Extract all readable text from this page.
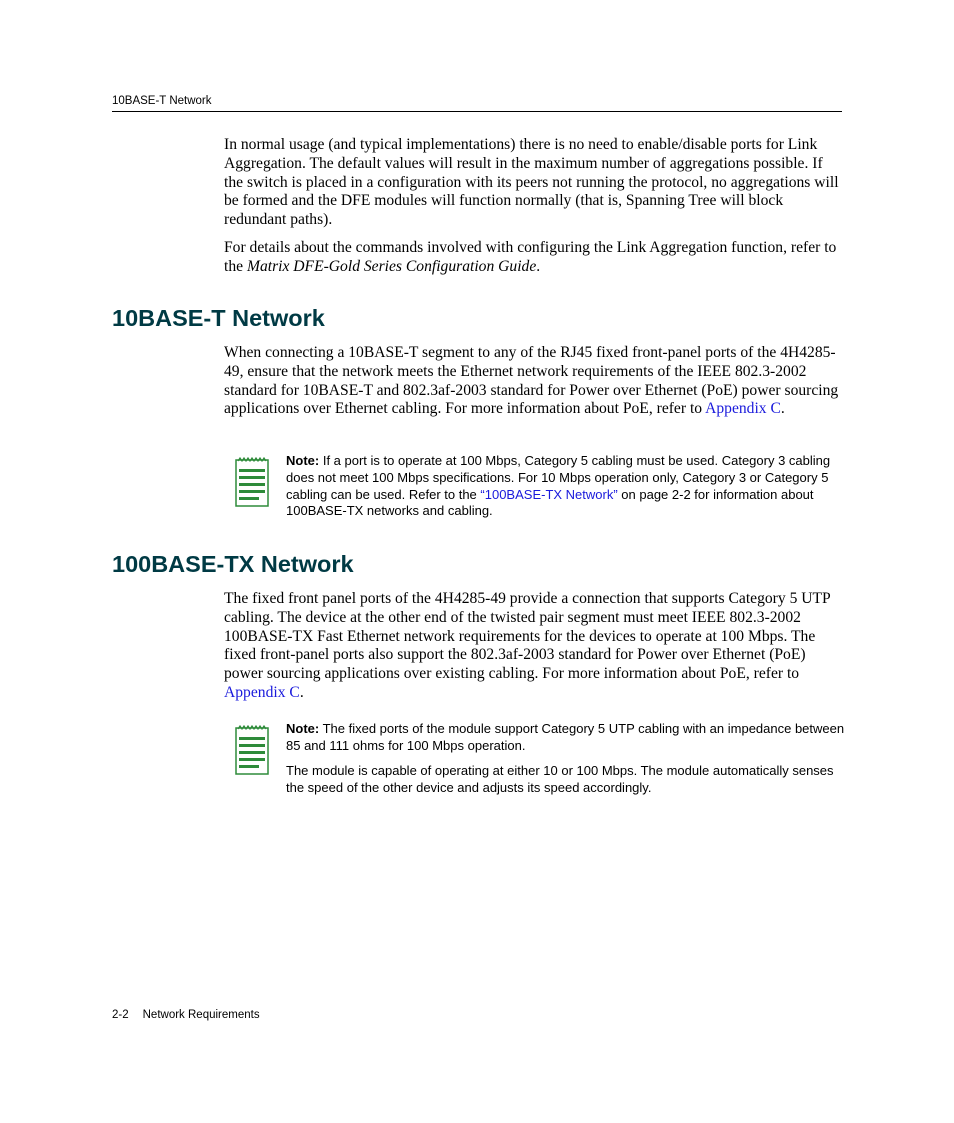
10BASE-T Network

In normal usage (and typical implementations) there is no need to enable/disable ports for Link Aggregation. The default values will result in the maximum number of aggregations possible. If the switch is placed in a configuration with its peers not running the protocol, no aggregations will be formed and the DFE modules will function normally (that is, Spanning Tree will block redundant paths).

For details about the commands involved with configuring the Link Aggregation function, refer to the Matrix DFE-Gold Series Configuration Guide.

10BASE-T Network

When connecting a 10BASE-T segment to any of the RJ45 fixed front-panel ports of the 4H4285-49, ensure that the network meets the Ethernet network requirements of the IEEE 802.3-2002 standard for 10BASE-T and 802.3af-2003 standard for Power over Ethernet (PoE) power sourcing applications over Ethernet cabling. For more information about PoE, refer to Appendix C.

Note: If a port is to operate at 100 Mbps, Category 5 cabling must be used. Category 3 cabling does not meet 100 Mbps specifications. For 10 Mbps operation only, Category 3 or Category 5 cabling can be used. Refer to the “100BASE-TX Network” on page 2-2 for information about 100BASE-TX networks and cabling.

100BASE-TX Network

The fixed front panel ports of the 4H4285-49 provide a connection that supports Category 5 UTP cabling. The device at the other end of the twisted pair segment must meet IEEE 802.3-2002 100BASE-TX Fast Ethernet network requirements for the devices to operate at 100 Mbps. The fixed front-panel ports also support the 802.3af-2003 standard for Power over Ethernet (PoE) power sourcing applications over existing cabling. For more information about PoE, refer to Appendix C.

Note: The fixed ports of the module support Category 5 UTP cabling with an impedance between 85 and 111 ohms for 100 Mbps operation.

The module is capable of operating at either 10 or 100 Mbps. The module automatically senses the speed of the other device and adjusts its speed accordingly.

2-2 Network Requirements
